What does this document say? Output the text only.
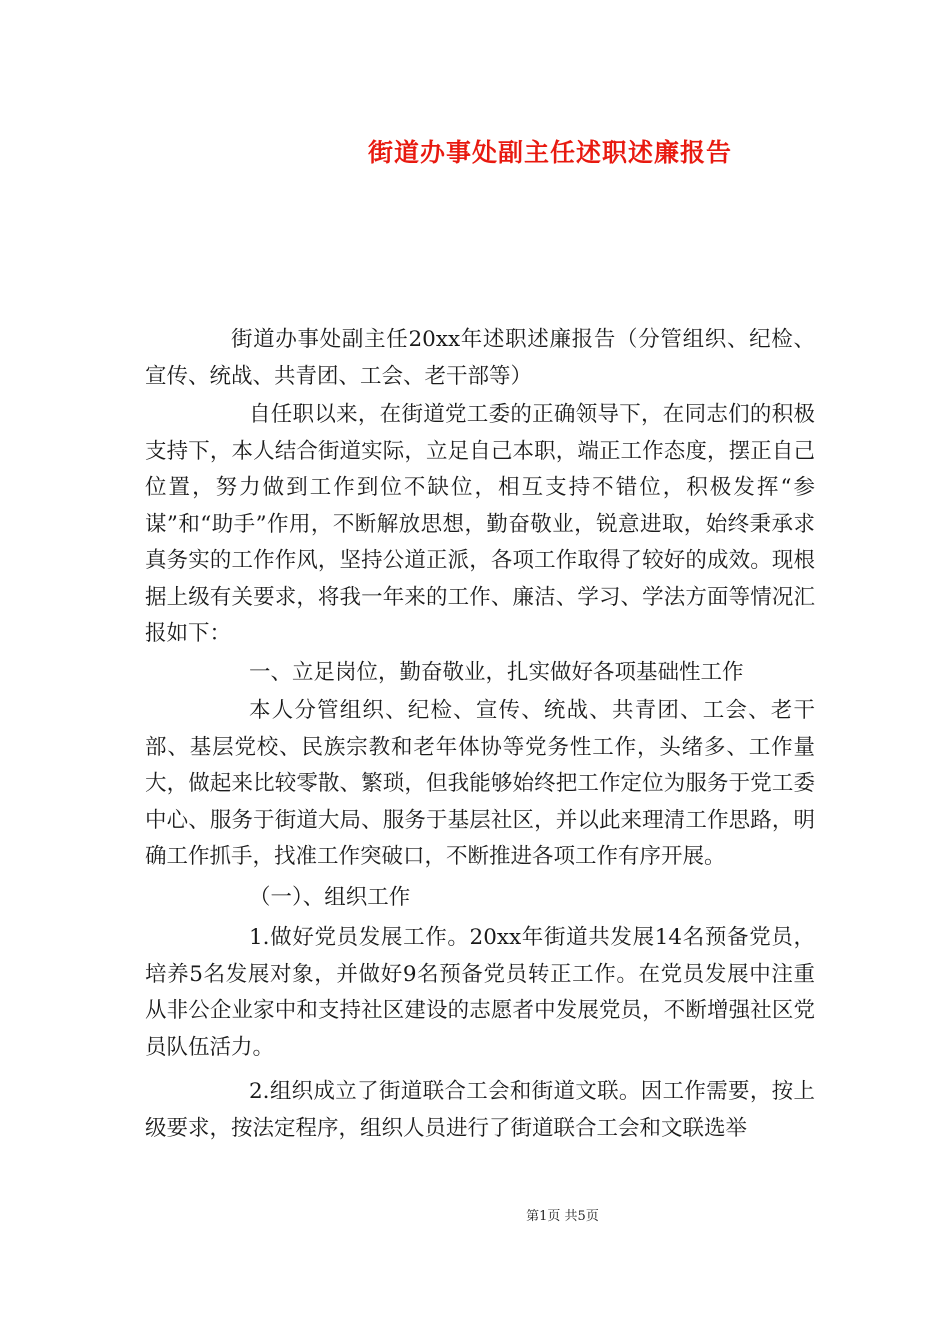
街道办事处副主任述职述廉报告

街道办事处副主任20xx年述职述廉报告（分管组织、纪检、宣传、统战、共青团、工会、老干部等）

自任职以来，在街道党工委的正确领导下，在同志们的积极支持下，本人结合街道实际，立足自己本职，端正工作态度，摆正自己位置，努力做到工作到位不缺位，相互支持不错位，积极发挥“参谋”和“助手”作用，不断解放思想，勤奋敬业，锐意进取，始终秉承求真务实的工作作风，坚持公道正派，各项工作取得了较好的成效。现根据上级有关要求，将我一年来的工作、廉洁、学习、学法方面等情况汇报如下：

一、立足岗位，勤奋敬业，扎实做好各项基础性工作

本人分管组织、纪检、宣传、统战、共青团、工会、老干部、基层党校、民族宗教和老年体协等党务性工作，头绪多、工作量大，做起来比较零散、繁琐，但我能够始终把工作定位为服务于党工委中心、服务于街道大局、服务于基层社区，并以此来理清工作思路，明确工作抓手，找准工作突破口，不断推进各项工作有序开展。

（一）、组织工作

1.做好党员发展工作。20xx年街道共发展14名预备党员，培养5名发展对象，并做好9名预备党员转正工作。在党员发展中注重从非公企业家中和支持社区建设的志愿者中发展党员，不断增强社区党员队伍活力。

2.组织成立了街道联合工会和街道文联。因工作需要，按上级要求，按法定程序，组织人员进行了街道联合工会和文联选举

第1页 共5页
